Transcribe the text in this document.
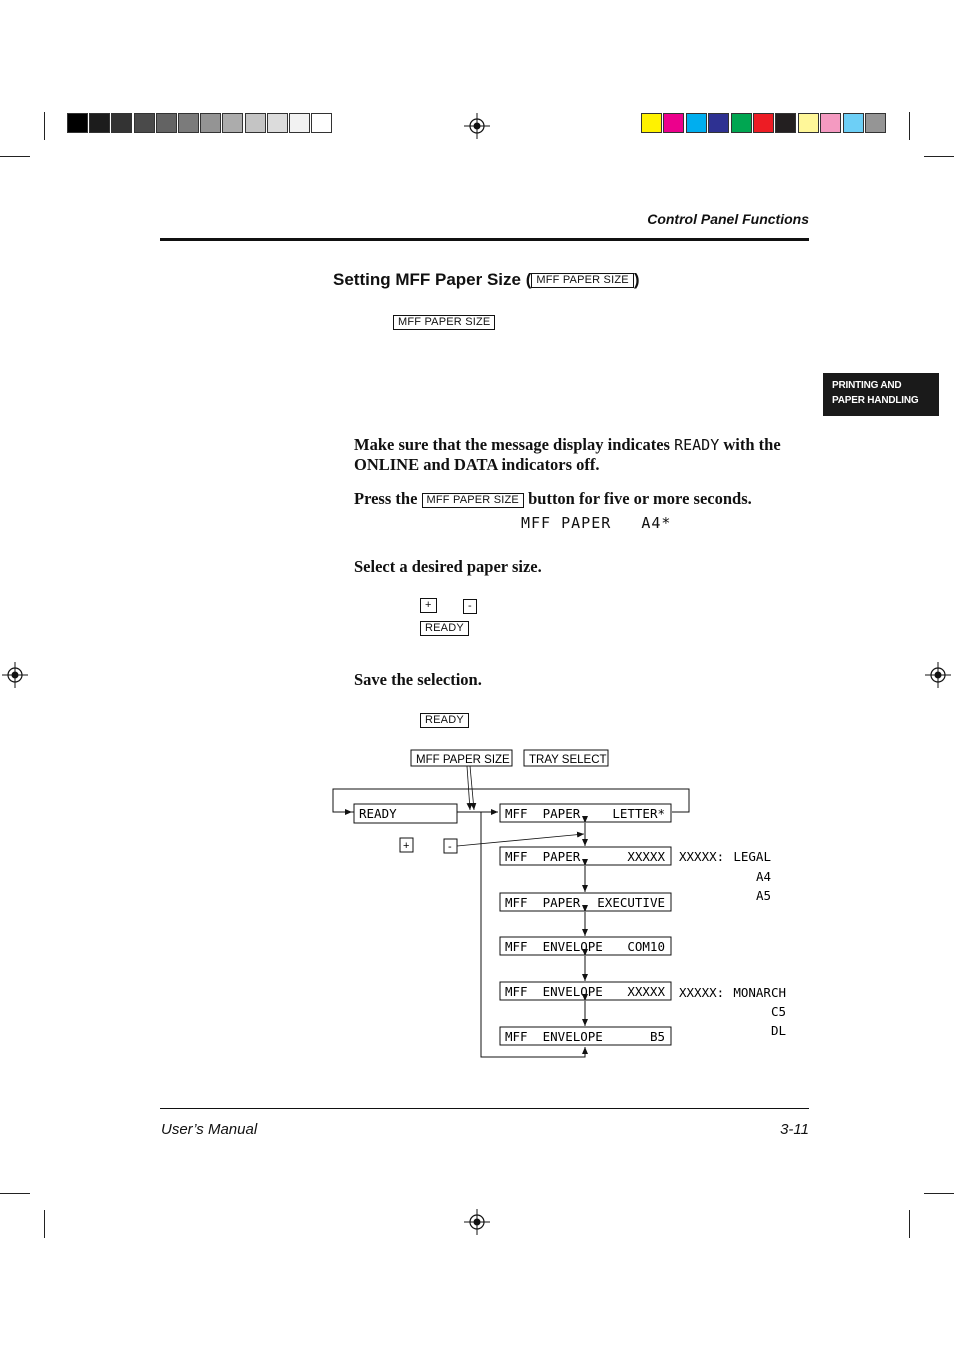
Control Panel Functions
PRINTING AND
PAPER HANDLING
Setting MFF Paper Size ( MFF PAPER SIZE )
MFF PAPER SIZE
Make sure that the message display indicates READY with the ONLINE and DATA indicators off.
Press the MFF PAPER SIZE button for five or more seconds.
MFF PAPER   A4*
Select a desired paper size.
+	-
READY
Save the selection.
READY
MFF PAPER SIZE TRAY SELECT
READY
+	-
MFF  PAPER	LETTER*
MFF  PAPER	XXXXX
MFF  PAPER EXECUTIVE
MFF  ENVELOPE COM10
MFF  ENVELOPE XXXXX
MFF  ENVELOPE	B5
XXXXX: LEGAL
A4
A5
XXXXX: MONARCH
C5
DL
User’s Manual	3-11
